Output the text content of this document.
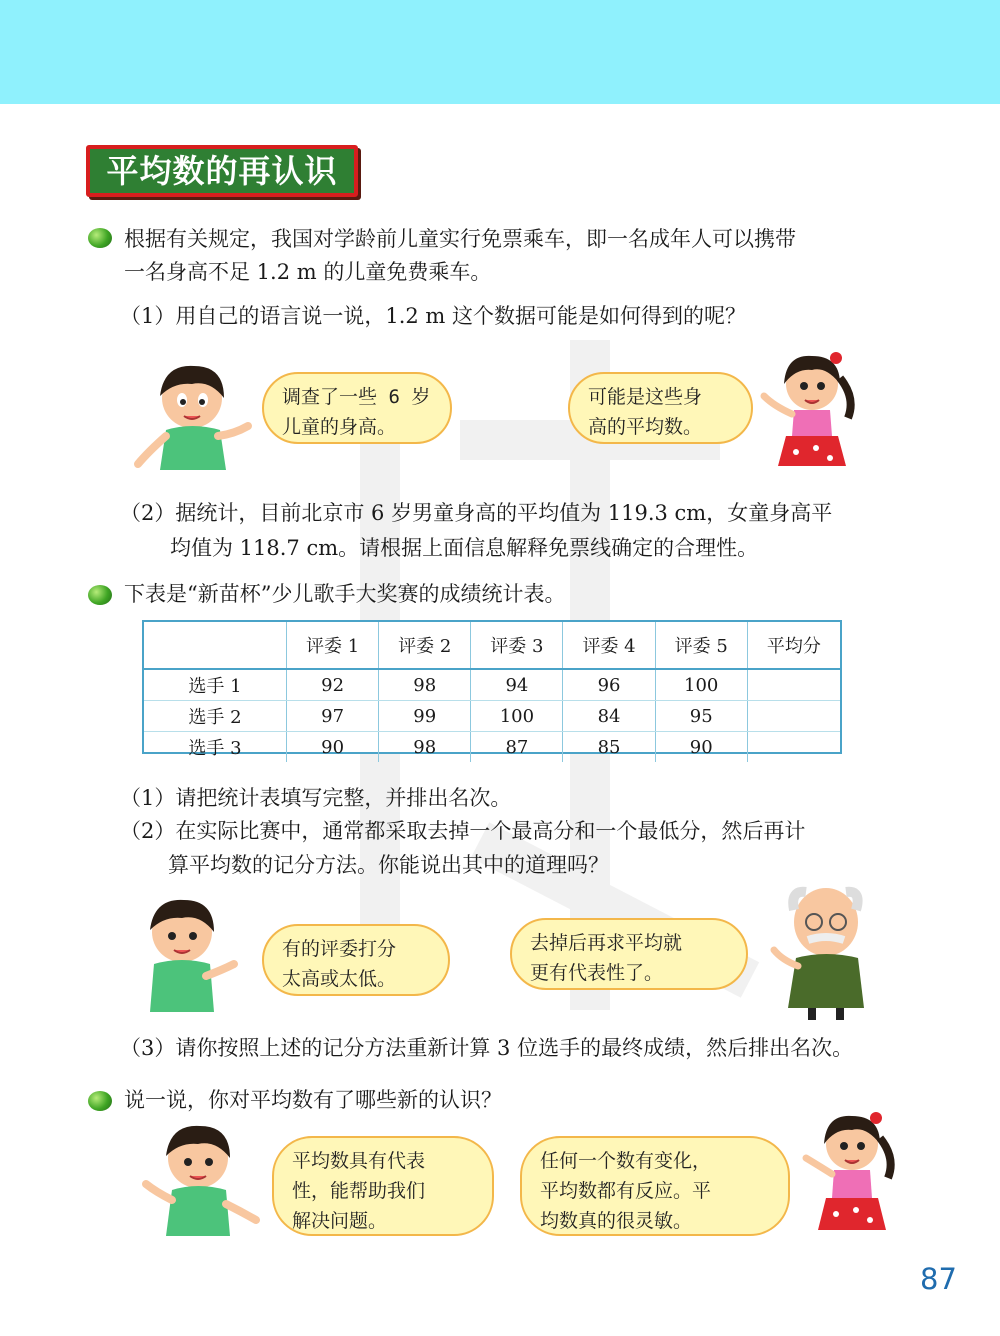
平均数的再认识
根据有关规定，我国对学龄前儿童实行免票乘车，即一名成年人可以携带
一名身高不足 1.2 m 的儿童免费乘车。
（1）用自己的语言说一说，1.2 m 这个数据可能是如何得到的呢？
调查了一些 6 岁
儿童的身高。
可能是这些身
高的平均数。
（2）据统计，目前北京市 6 岁男童身高的平均值为 119.3 cm，女童身高平
均值为 118.7 cm。请根据上面信息解释免票线确定的合理性。
下表是“新苗杯”少儿歌手大奖赛的成绩统计表。
	评委 1	评委 2	评委 3	评委 4	评委 5	平均分
选手 1	92	98	94	96	100	
选手 2	97	99	100	84	95	
选手 3	90	98	87	85	90	
（1）请把统计表填写完整，并排出名次。
（2）在实际比赛中，通常都采取去掉一个最高分和一个最低分，然后再计
算平均数的记分方法。你能说出其中的道理吗？
有的评委打分
太高或太低。
去掉后再求平均就
更有代表性了。
（3）请你按照上述的记分方法重新计算 3 位选手的最终成绩，然后排出名次。
说一说，你对平均数有了哪些新的认识？
平均数具有代表
性，能帮助我们
解决问题。
任何一个数有变化，
平均数都有反应。平
均数真的很灵敏。
87
